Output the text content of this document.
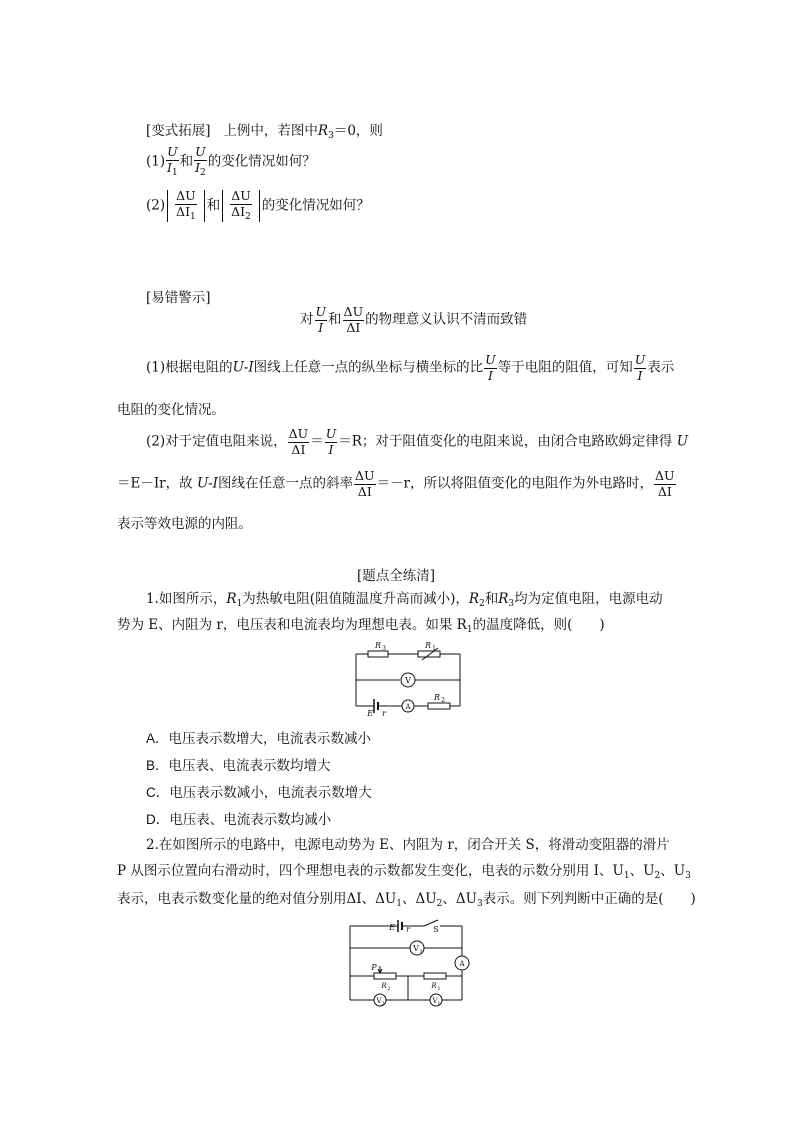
[变式拓展] 上例中，若图中$R_3=0$，则
$(1) \frac{U}{I_1}$ 和 $\frac{U}{I_2}$ 的变化情况如何？
$(2) \frac{\Delta U}{\Delta I_1}$ 和 $\frac{\Delta U}{\Delta I_2}$ 的变化情况如何？
[易错警示]
对 $\frac{U}{I}$ 和 $\frac{\Delta U}{\Delta I}$ 的物理意义认识不清而致错
(1)根据电阻的U-I图线上任意一点的纵坐标与横坐标的比 $\frac{U}{I}$ 等于电阻的阻值，可知 $\frac{U}{I}$ 表示
电阻的变化情况。
(2)对于定值电阻来说， $\frac{\Delta U}{\Delta I} = \frac{U}{I} =R$；对于阻值变化的电阻来说，由闭合电路欧姆定律得 U
＝E－Ir，故 U-I图线在任意一点的斜率 $\frac{\Delta U}{\Delta I} =-r$，所以将阻值变化的电阻作为外电路时， $\frac{\Delta U}{\Delta I}$
表示等效电源的内阻。
[题点全练清]
1.如图所示，$R_1$为热敏电阻(阻值随温度升高而减小)，$R_2$和$R_3$均为定值电阻，电源电动
势为 E、内阻为 r，电压表和电流表均为理想电表。如果 $R_1$的温度降低，则(　　)
R 3	R 1
V
A
R 2
E r
A．电压表示数增大，电流表示数减小
B．电压表、电流表示数均增大
C．电压表示数减小，电流表示数增大
D．电压表、电流表示数均减小
2.在如图所示的电路中，电源电动势为 E、内阻为 r，闭合开关 S，将滑动变阻器的滑片
P 从图示位置向右滑动时，四个理想电表的示数都发生变化，电表的示数分别用 I、$U_1$、$U_2$、$U_3$
表示，电表示数变化量的绝对值分别用ΔI、$\Delta U_1$、$\Delta U_2$、$\Delta U_3$表示。则下列判断中正确的是(　　)
E r	S
V 3
A
P
R 2	R 1
V 2	V 1
